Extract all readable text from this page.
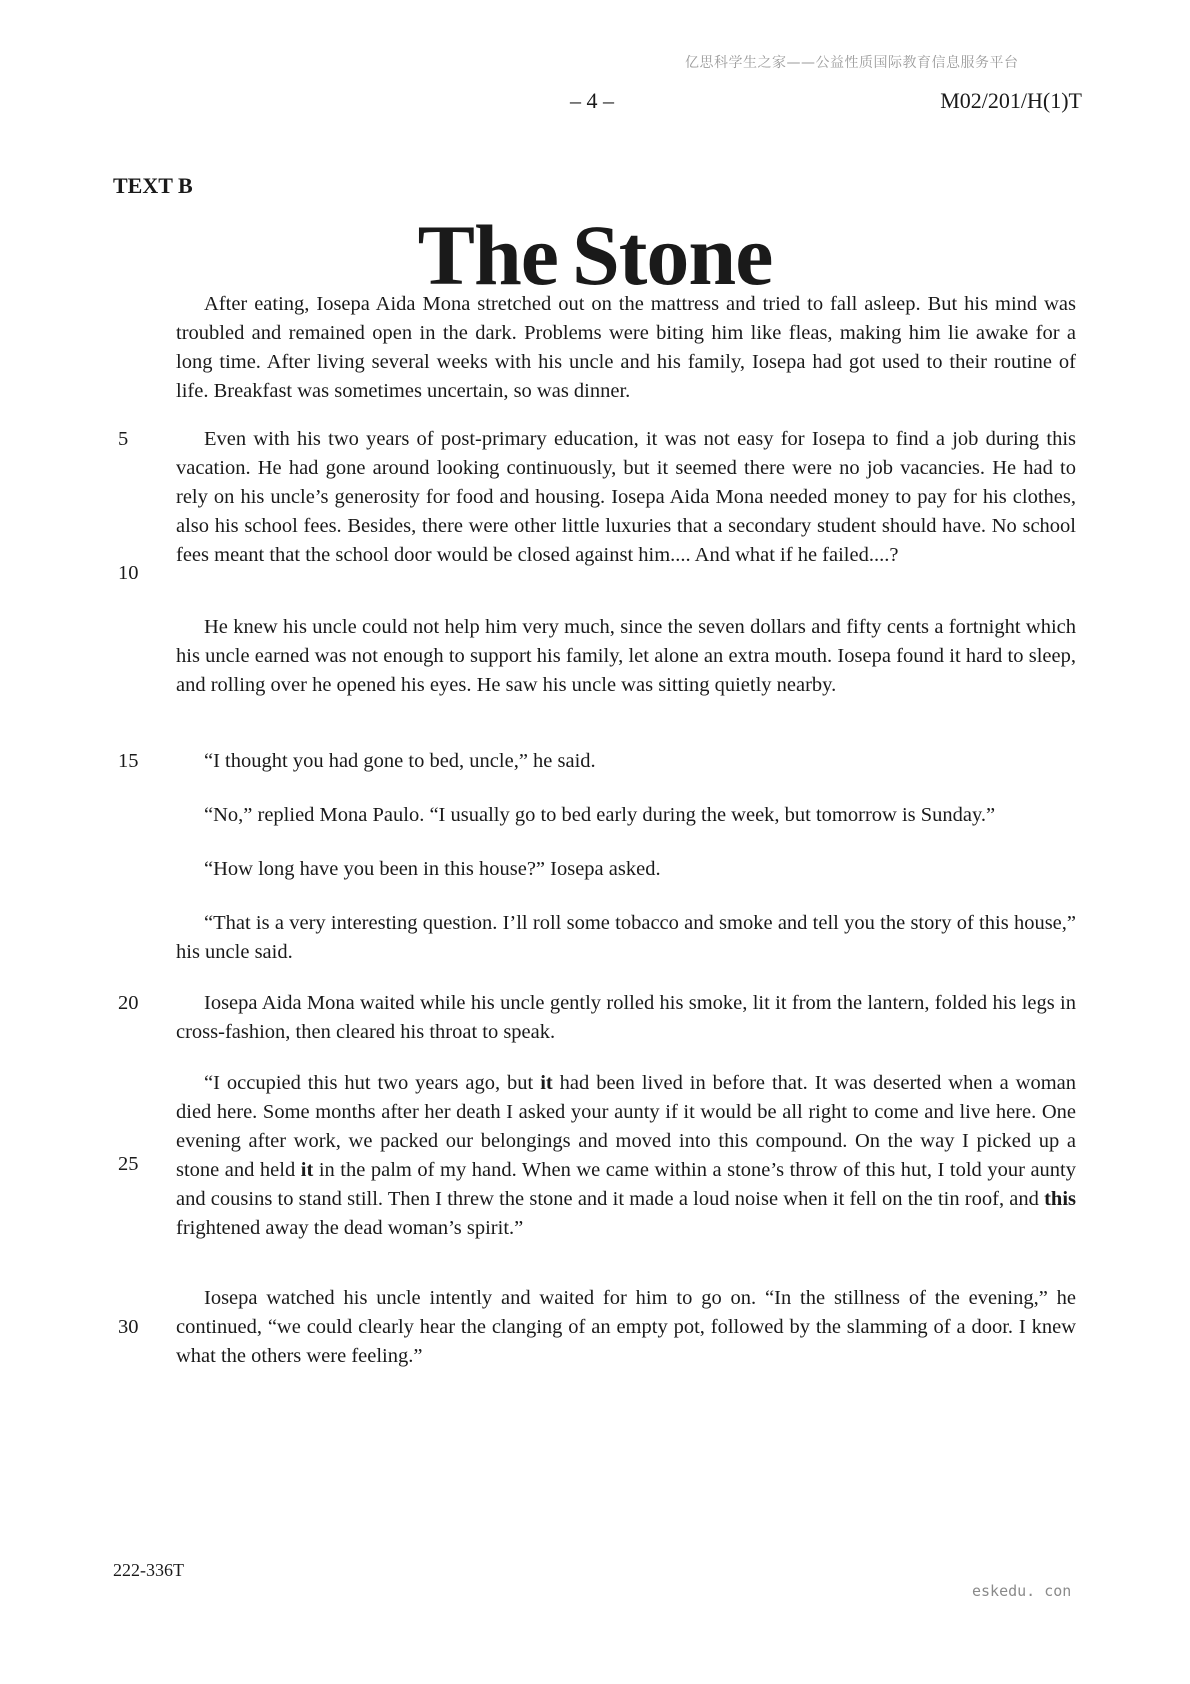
亿思科学生之家——公益性质国际教育信息服务平台
– 4 –	M02/201/H(1)T
TEXT B
The Stone

After eating, Iosepa Aida Mona stretched out on the mattress and tried to fall asleep. But his mind was troubled and remained open in the dark. Problems were biting him like fleas, making him lie awake for a long time. After living several weeks with his uncle and his family, Iosepa had got used to their routine of life. Breakfast was sometimes uncertain, so was dinner.

Even with his two years of post-primary education, it was not easy for Iosepa to find a job during this vacation. He had gone around looking continuously, but it seemed there were no job vacancies. He had to rely on his uncle’s generosity for food and housing. Iosepa Aida Mona needed money to pay for his clothes, also his school fees. Besides, there were other little luxuries that a secondary student should have. No school fees meant that the school door would be closed against him.... And what if he failed....?

He knew his uncle could not help him very much, since the seven dollars and fifty cents a fortnight which his uncle earned was not enough to support his family, let alone an extra mouth. Iosepa found it hard to sleep, and rolling over he opened his eyes. He saw his uncle was sitting quietly nearby.

“I thought you had gone to bed, uncle,” he said.

“No,” replied Mona Paulo. “I usually go to bed early during the week, but tomorrow is Sunday.”

“How long have you been in this house?” Iosepa asked.

“That is a very interesting question. I’ll roll some tobacco and smoke and tell you the story of this house,” his uncle said.

Iosepa Aida Mona waited while his uncle gently rolled his smoke, lit it from the lantern, folded his legs in cross-fashion, then cleared his throat to speak.

“I occupied this hut two years ago, but it had been lived in before that. It was deserted when a woman died here. Some months after her death I asked your aunty if it would be all right to come and live here. One evening after work, we packed our belongings and moved into this compound. On the way I picked up a stone and held it in the palm of my hand. When we came within a stone’s throw of this hut, I told your aunty and cousins to stand still. Then I threw the stone and it made a loud noise when it fell on the tin roof, and this frightened away the dead woman’s spirit.”

Iosepa watched his uncle intently and waited for him to go on. “In the stillness of the evening,” he continued, “we could clearly hear the clanging of an empty pot, followed by the slamming of a door. I knew what the others were feeling.”

5
10
15
20
25
30
222-336T
eskedu. con
